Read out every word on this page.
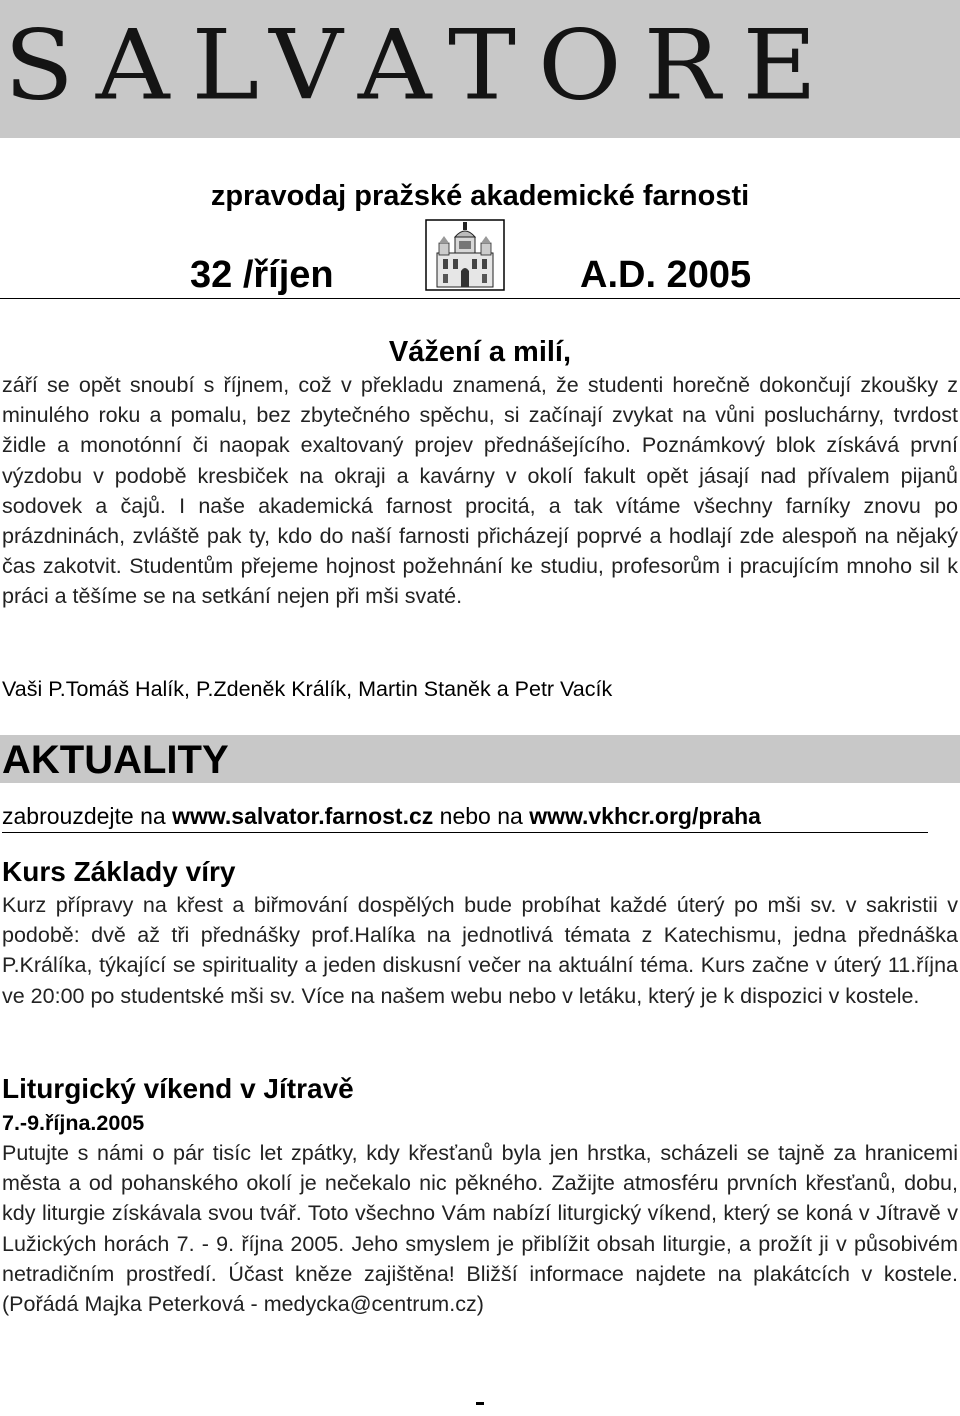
SALVATORE
zpravodaj pražské akademické farnosti
32 /říjen	A.D. 2005
Vážení a milí,
září se opět snoubí s říjnem, což v překladu znamená, že studenti horečně dokončují zkoušky z minulého roku a pomalu, bez zbytečného spěchu, si začínají zvykat na vůni posluchárny, tvrdost židle a monotónní či naopak exaltovaný projev přednášejícího. Poznámkový blok získává první výzdobu v podobě kresbiček na okraji a kavárny v okolí fakult opět jásají nad přívalem pijanů sodovek a čajů. I naše akademická farnost procitá, a tak vítáme všechny farníky znovu po prázdninách, zvláště pak ty, kdo do naší farnosti přicházejí poprvé a hodlají zde alespoň na nějaký čas zakotvit. Studentům přejeme hojnost požehnání ke studiu, profesorům i pracujícím mnoho sil k práci a těšíme se na setkání nejen při mši svaté.
Vaši P.Tomáš Halík, P.Zdeněk Králík, Martin Staněk a Petr Vacík
AKTUALITY
zabrouzdejte na www.salvator.farnost.cz nebo na www.vkhcr.org/praha
Kurs Základy víry
Kurz přípravy na křest a biřmování dospělých bude probíhat každé úterý po mši sv. v sakristii v podobě: dvě až tři přednášky prof.Halíka na jednotlivá témata z Katechismu, jedna přednáška P.Králíka, týkající se spirituality a jeden diskusní večer na aktuální téma. Kurs začne v úterý 11.října ve 20:00 po studentské mši sv. Více na našem webu nebo v letáku, který je k dispozici v kostele.
Liturgický víkend v Jítravě
7.-9.října.2005
Putujte s námi o pár tisíc let zpátky, kdy křesťanů byla jen hrstka, scházeli se tajně za hranicemi města a od pohanského okolí je nečekalo nic pěkného. Zažijte atmosféru prvních křesťanů, dobu, kdy liturgie získávala svou tvář. Toto všechno Vám nabízí liturgický víkend, který se koná v Jítravě v Lužických horách 7. - 9. října 2005. Jeho smyslem je přiblížit obsah liturgie, a prožít ji v působivém netradičním prostředí. Účast kněze zajištěna! Bližší informace najdete na plakátcích v kostele. (Pořádá Majka Peterková - medycka@centrum.cz)
